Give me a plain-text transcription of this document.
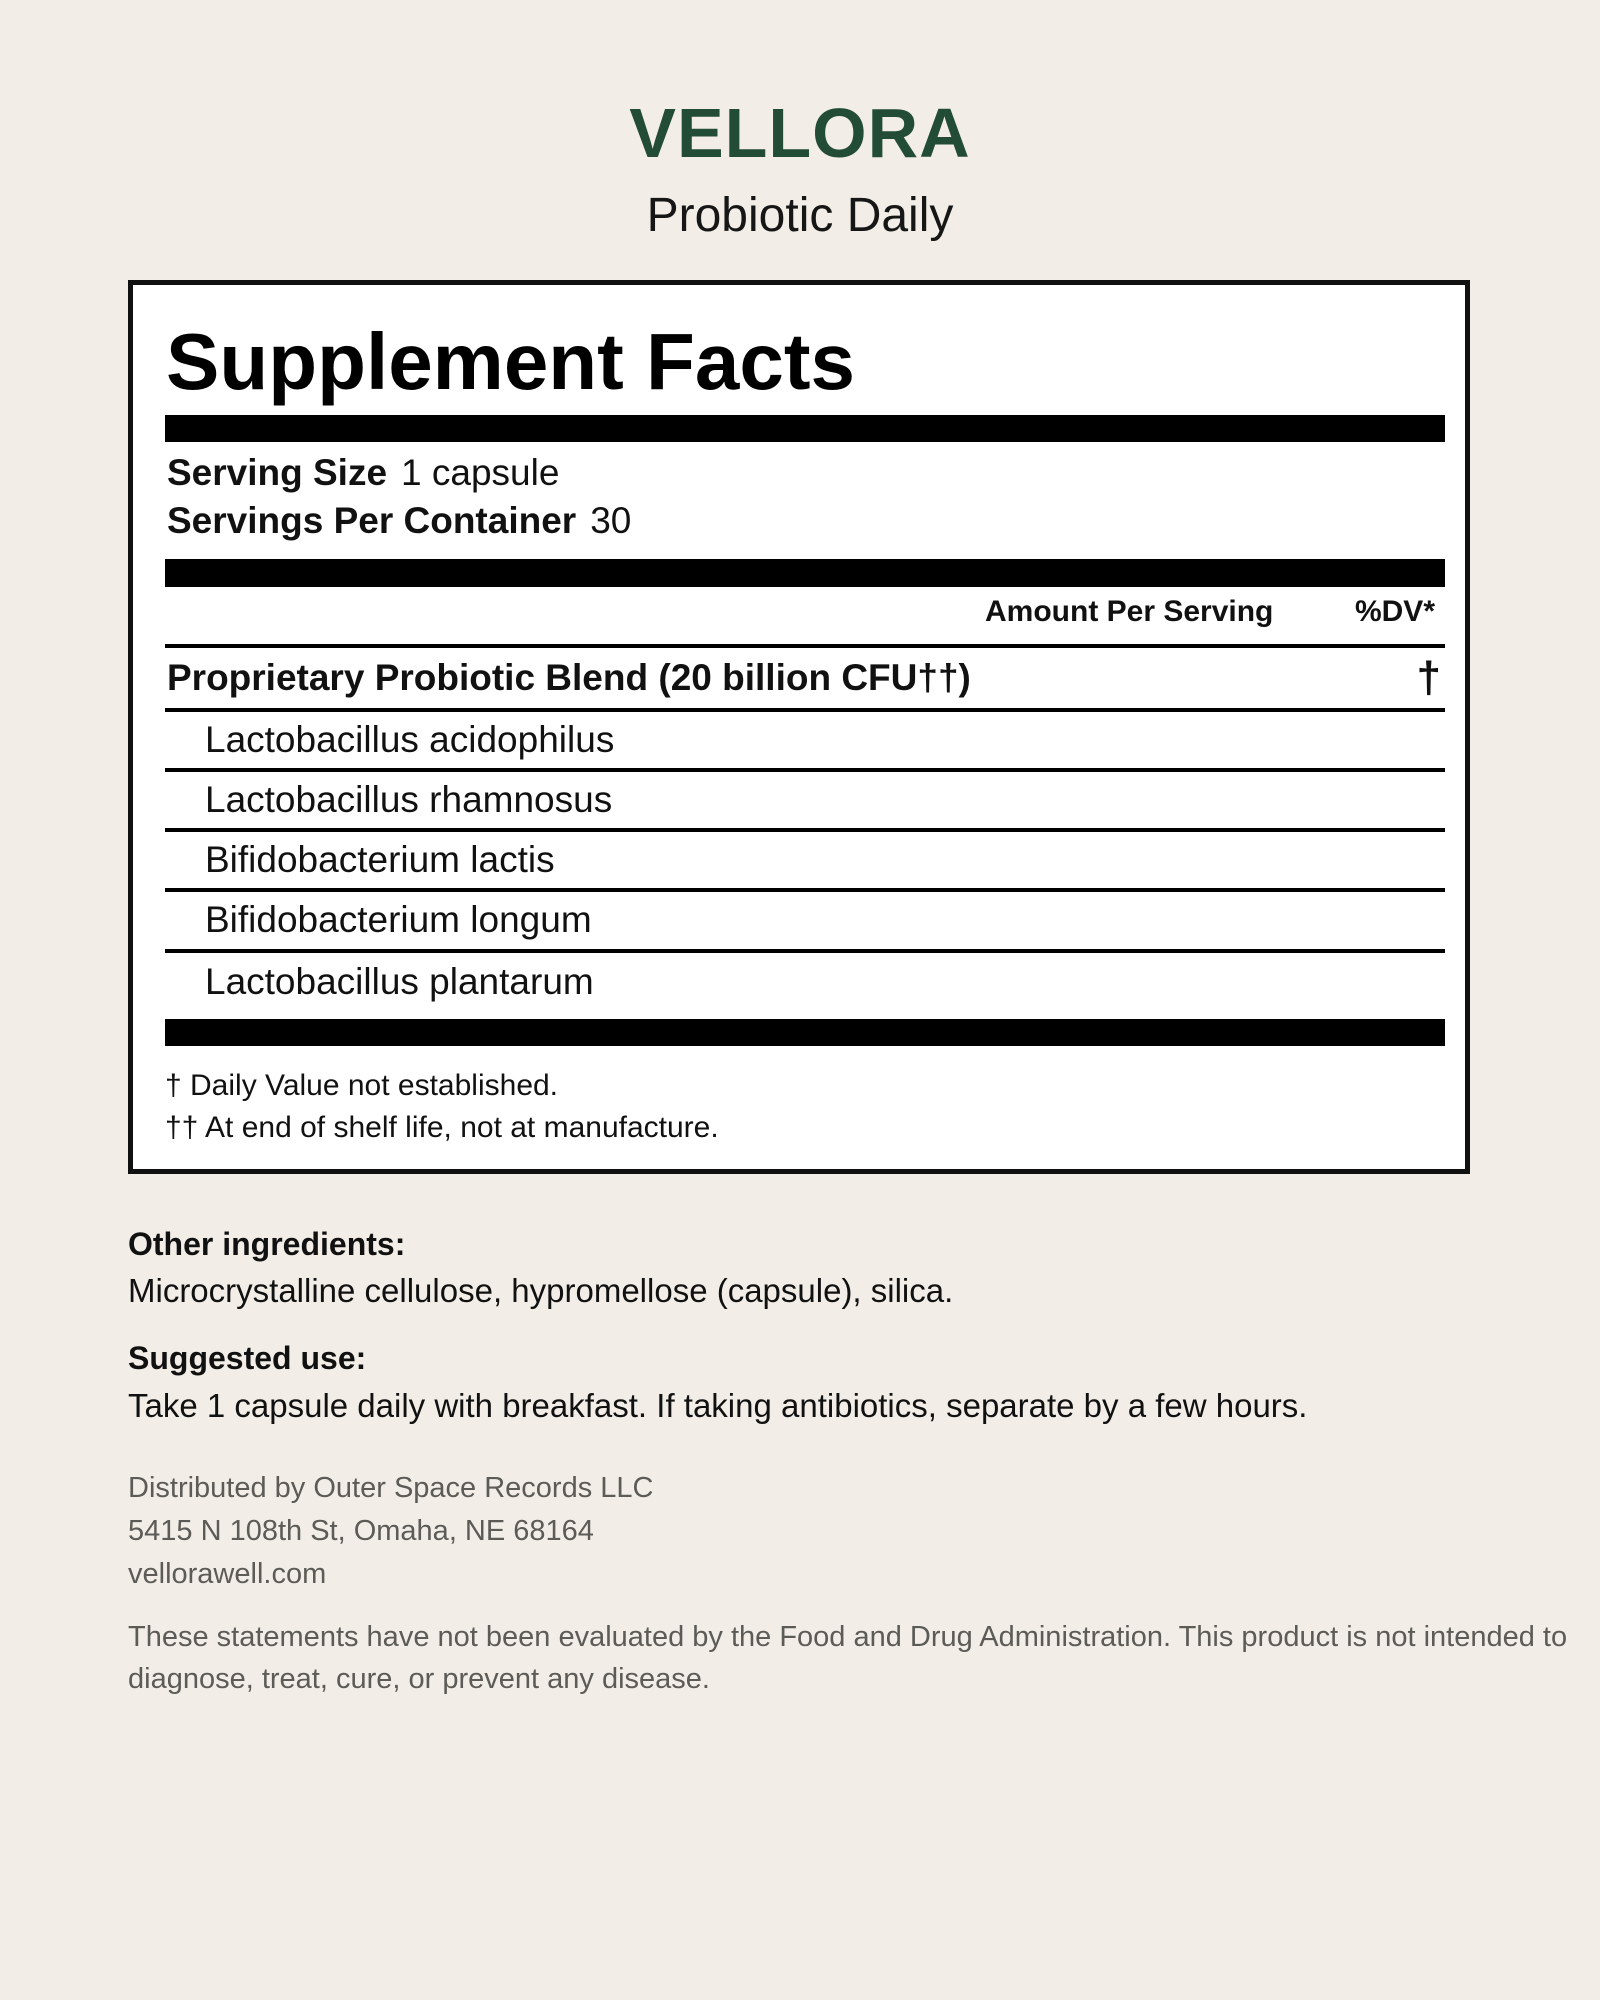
VELLORA
Probiotic Daily
Supplement Facts
Serving Size 1 capsule
Servings Per Container 30
Amount Per Serving	%DV*
Proprietary Probiotic Blend (20 billion CFU††)	†
Lactobacillus acidophilus
Lactobacillus rhamnosus
Bifidobacterium lactis
Bifidobacterium longum
Lactobacillus plantarum
† Daily Value not established.
†† At end of shelf life, not at manufacture.
Other ingredients:
Microcrystalline cellulose, hypromellose (capsule), silica.
Suggested use:
Take 1 capsule daily with breakfast. If taking antibiotics, separate by a few hours.
Distributed by Outer Space Records LLC
5415 N 108th St, Omaha, NE 68164
vellorawell.com
These statements have not been evaluated by the Food and Drug Administration. This product is not intended to diagnose, treat, cure, or prevent any disease.
